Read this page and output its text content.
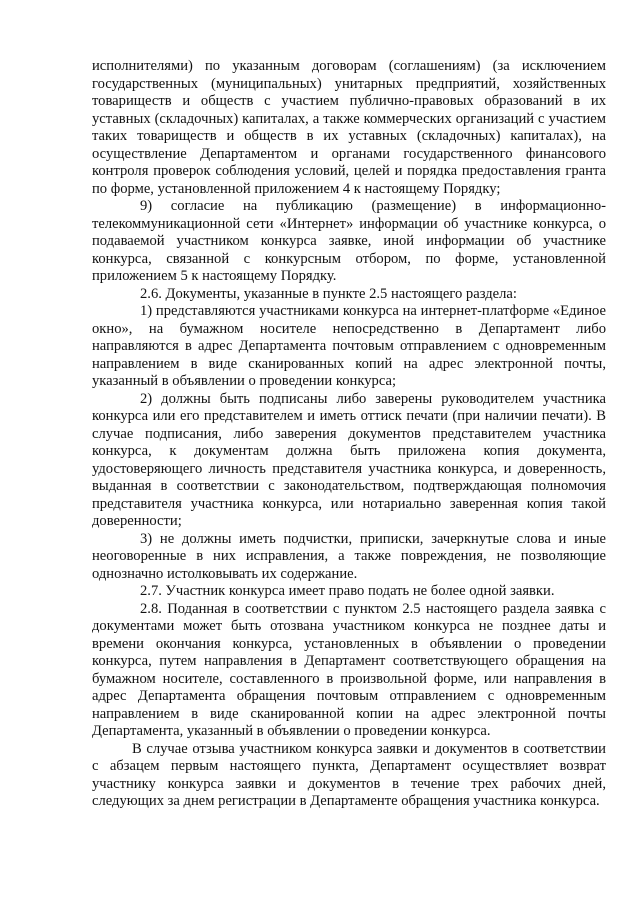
исполнителями) по указанным договорам (соглашениям) (за исключением государственных (муниципальных) унитарных предприятий, хозяйственных товариществ и обществ с участием публично-правовых образований в их уставных (складочных) капиталах, а также коммерческих организаций с участием таких товариществ и обществ в их уставных (складочных) капиталах), на осуществление Департаментом и органами государственного финансового контроля проверок соблюдения условий, целей и порядка предоставления гранта по форме, установленной приложением 4 к настоящему Порядку;

9) согласие на публикацию (размещение) в информационно-телекоммуникационной сети «Интернет» информации об участнике конкурса, о подаваемой участником конкурса заявке, иной информации об участнике конкурса, связанной с конкурсным отбором, по форме, установленной приложением 5 к настоящему Порядку.

2.6. Документы, указанные в пункте 2.5 настоящего раздела:

1) представляются участниками конкурса на интернет-платформе «Единое окно», на бумажном носителе непосредственно в Департамент либо направляются в адрес Департамента почтовым отправлением с одновременным направлением в виде сканированных копий на адрес электронной почты, указанный в объявлении о проведении конкурса;

2) должны быть подписаны либо заверены руководителем участника конкурса или его представителем и иметь оттиск печати (при наличии печати). В случае подписания, либо заверения документов представителем участника конкурса, к документам должна быть приложена копия документа, удостоверяющего личность представителя участника конкурса, и доверенность, выданная в соответствии с законодательством, подтверждающая полномочия представителя участника конкурса, или нотариально заверенная копия такой доверенности;

3) не должны иметь подчистки, приписки, зачеркнутые слова и иные неоговоренные в них исправления, а также повреждения, не позволяющие однозначно истолковывать их содержание.

2.7. Участник конкурса имеет право подать не более одной заявки.

2.8. Поданная в соответствии с пунктом 2.5 настоящего раздела заявка с документами может быть отозвана участником конкурса не позднее даты и времени окончания конкурса, установленных в объявлении о проведении конкурса, путем направления в Департамент соответствующего обращения на бумажном носителе, составленного в произвольной форме, или направления в адрес Департамента обращения почтовым отправлением с одновременным направлением в виде сканированной копии на адрес электронной почты Департамента, указанный в объявлении о проведении конкурса.

В случае отзыва участником конкурса заявки и документов в соответствии с абзацем первым настоящего пункта, Департамент осуществляет возврат участнику конкурса заявки и документов в течение трех рабочих дней, следующих за днем регистрации в Департаменте обращения участника конкурса.
